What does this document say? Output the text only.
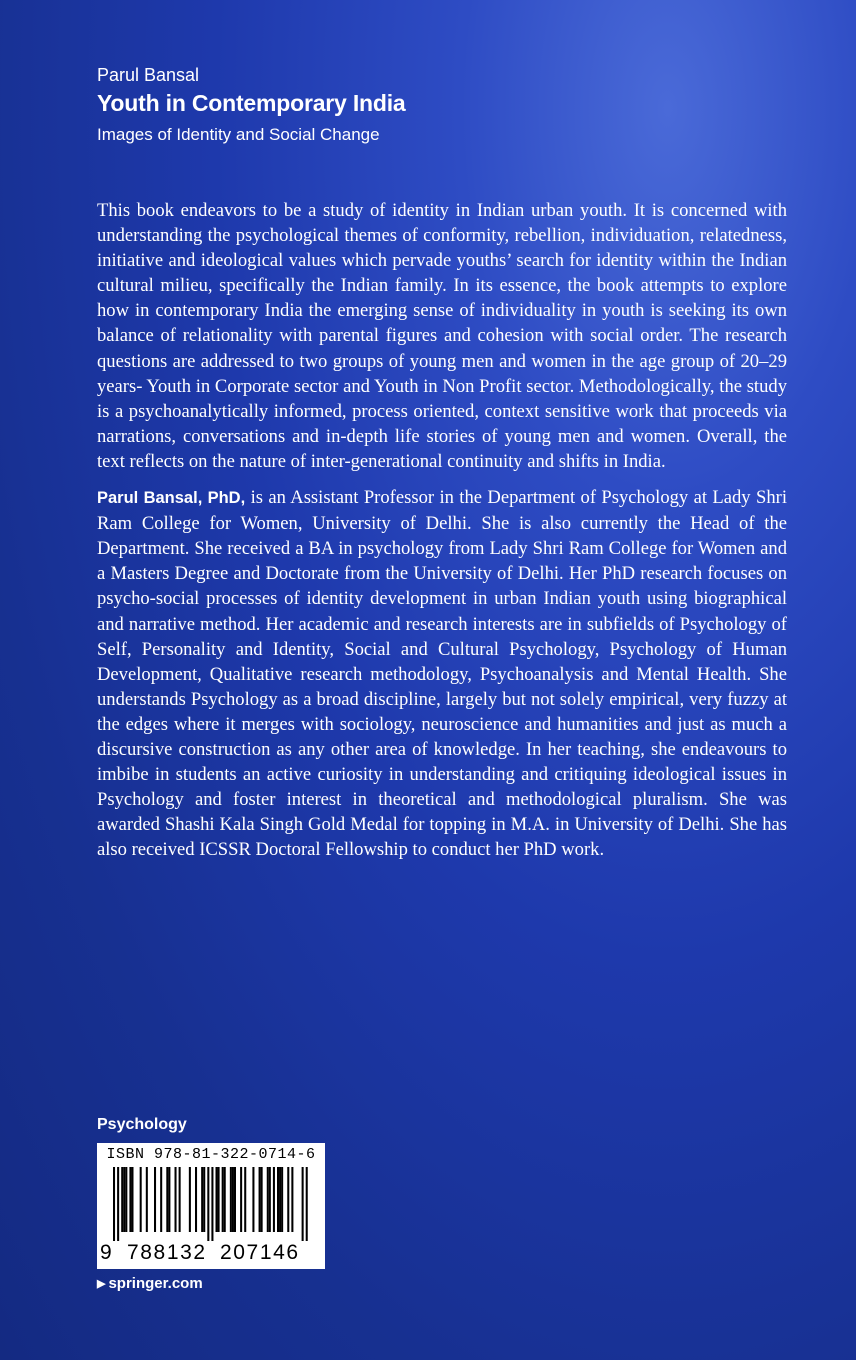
Parul Bansal
Youth in Contemporary India
Images of Identity and Social Change

This book endeavors to be a study of identity in Indian urban youth. It is concerned with understanding the psychological themes of conformity, rebellion, individuation, relatedness, initiative and ideological values which pervade youths’ search for identity within the Indian cultural milieu, specifically the Indian family. In its essence, the book attempts to explore how in contemporary India the emerging sense of individuality in youth is seeking its own balance of relationality with parental figures and cohesion with social order. The research questions are addressed to two groups of young men and women in the age group of 20–29 years- Youth in Corporate sector and Youth in Non Profit sector. Methodologically, the study is a psychoanalytically informed, process oriented, context sensitive work that proceeds via narrations, conversations and in-depth life stories of young men and women. Overall, the text reflects on the nature of inter-generational continuity and shifts in India.

Parul Bansal, PhD, is an Assistant Professor in the Department of Psychology at Lady Shri Ram College for Women, University of Delhi. She is also currently the Head of the Department. She received a BA in psychology from Lady Shri Ram College for Women and a Masters Degree and Doctorate from the University of Delhi. Her PhD research focuses on psycho-social processes of identity development in urban Indian youth using biographical and narrative method. Her academic and research interests are in subfields of Psychology of Self, Personality and Identity, Social and Cultural Psychology, Psychology of Human Development, Qualitative research methodology, Psychoanalysis and Mental Health. She understands Psychology as a broad discipline, largely but not solely empirical, very fuzzy at the edges where it merges with sociology, neuroscience and humanities and just as much a discursive construction as any other area of knowledge. In her teaching, she endeavours to imbibe in students an active curiosity in understanding and critiquing ideological issues in Psychology and foster interest in theoretical and methodological pluralism. She was awarded Shashi Kala Singh Gold Medal for topping in M.A. in University of Delhi. She has also received ICSSR Doctoral Fellowship to conduct her PhD work.

Psychology
ISBN 978-81-322-0714-6
9 788132 207146
▶ springer.com
